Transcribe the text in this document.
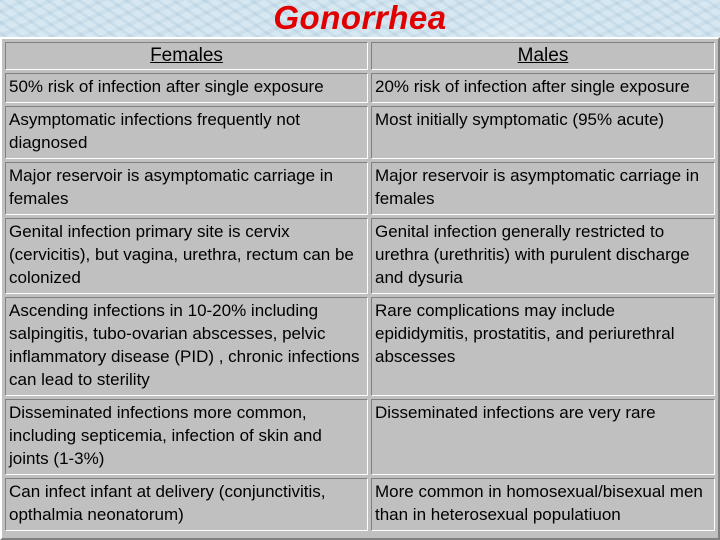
Gonorrhea
Females	Males
50% risk of infection after single exposure	20% risk of infection after single exposure
Asymptomatic infections frequently not diagnosed	Most initially symptomatic (95% acute)
Major reservoir is asymptomatic carriage in females	Major reservoir is asymptomatic carriage in females
Genital infection primary site is cervix (cervicitis), but vagina, urethra, rectum can be colonized	Genital infection generally restricted to urethra (urethritis) with purulent discharge and dysuria
Ascending infections in 10-20% including salpingitis, tubo-ovarian abscesses, pelvic inflammatory disease (PID) , chronic infections can lead to sterility	Rare complications may include epididymitis, prostatitis, and periurethral abscesses
Disseminated infections more common, including septicemia, infection of skin and joints (1-3%)	Disseminated infections are very rare
Can infect infant at delivery (conjunctivitis, opthalmia neonatorum)	More common in homosexual/bisexual men than in heterosexual populatiuon
